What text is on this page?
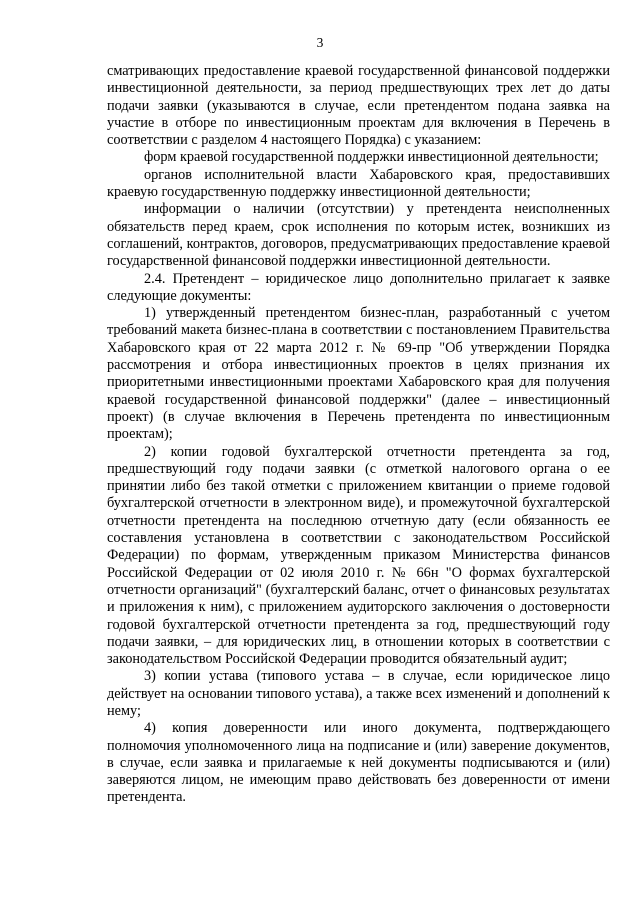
3

сматривающих предоставление краевой государственной финансовой поддержки инвестиционной деятельности, за период предшествующих трех лет до даты подачи заявки (указываются в случае, если претендентом подана заявка на участие в отборе по инвестиционным проектам для включения в Перечень в соответствии с разделом 4 настоящего Порядка) с указанием:

форм краевой государственной поддержки инвестиционной деятельности;

органов исполнительной власти Хабаровского края, предоставивших краевую государственную поддержку инвестиционной деятельности;

информации о наличии (отсутствии) у претендента неисполненных обязательств перед краем, срок исполнения по которым истек, возникших из соглашений, контрактов, договоров, предусматривающих предоставление краевой государственной финансовой поддержки инвестиционной деятельности.

2.4. Претендент – юридическое лицо дополнительно прилагает к заявке следующие документы:

1) утвержденный претендентом бизнес-план, разработанный с учетом требований макета бизнес-плана в соответствии с постановлением Правительства Хабаровского края от 22 марта 2012 г. № 69-пр "Об утверждении Порядка рассмотрения и отбора инвестиционных проектов в целях признания их приоритетными инвестиционными проектами Хабаровского края для получения краевой государственной финансовой поддержки" (далее – инвестиционный проект) (в случае включения в Перечень претендента по инвестиционным проектам);

2) копии годовой бухгалтерской отчетности претендента за год, предшествующий году подачи заявки (с отметкой налогового органа о ее принятии либо без такой отметки с приложением квитанции о приеме годовой бухгалтерской отчетности в электронном виде), и промежуточной бухгалтерской отчетности претендента на последнюю отчетную дату (если обязанность ее составления установлена в соответствии с законодательством Российской Федерации) по формам, утвержденным приказом Министерства финансов Российской Федерации от 02 июля 2010 г. № 66н "О формах бухгалтерской отчетности организаций" (бухгалтерский баланс, отчет о финансовых результатах и приложения к ним), с приложением аудиторского заключения о достоверности годовой бухгалтерской отчетности претендента за год, предшествующий году подачи заявки, – для юридических лиц, в отношении которых в соответствии с законодательством Российской Федерации проводится обязательный аудит;

3) копии устава (типового устава – в случае, если юридическое лицо действует на основании типового устава), а также всех изменений и дополнений к нему;

4) копия доверенности или иного документа, подтверждающего полномочия уполномоченного лица на подписание и (или) заверение документов, в случае, если заявка и прилагаемые к ней документы подписываются и (или) заверяются лицом, не имеющим право действовать без доверенности от имени претендента.
